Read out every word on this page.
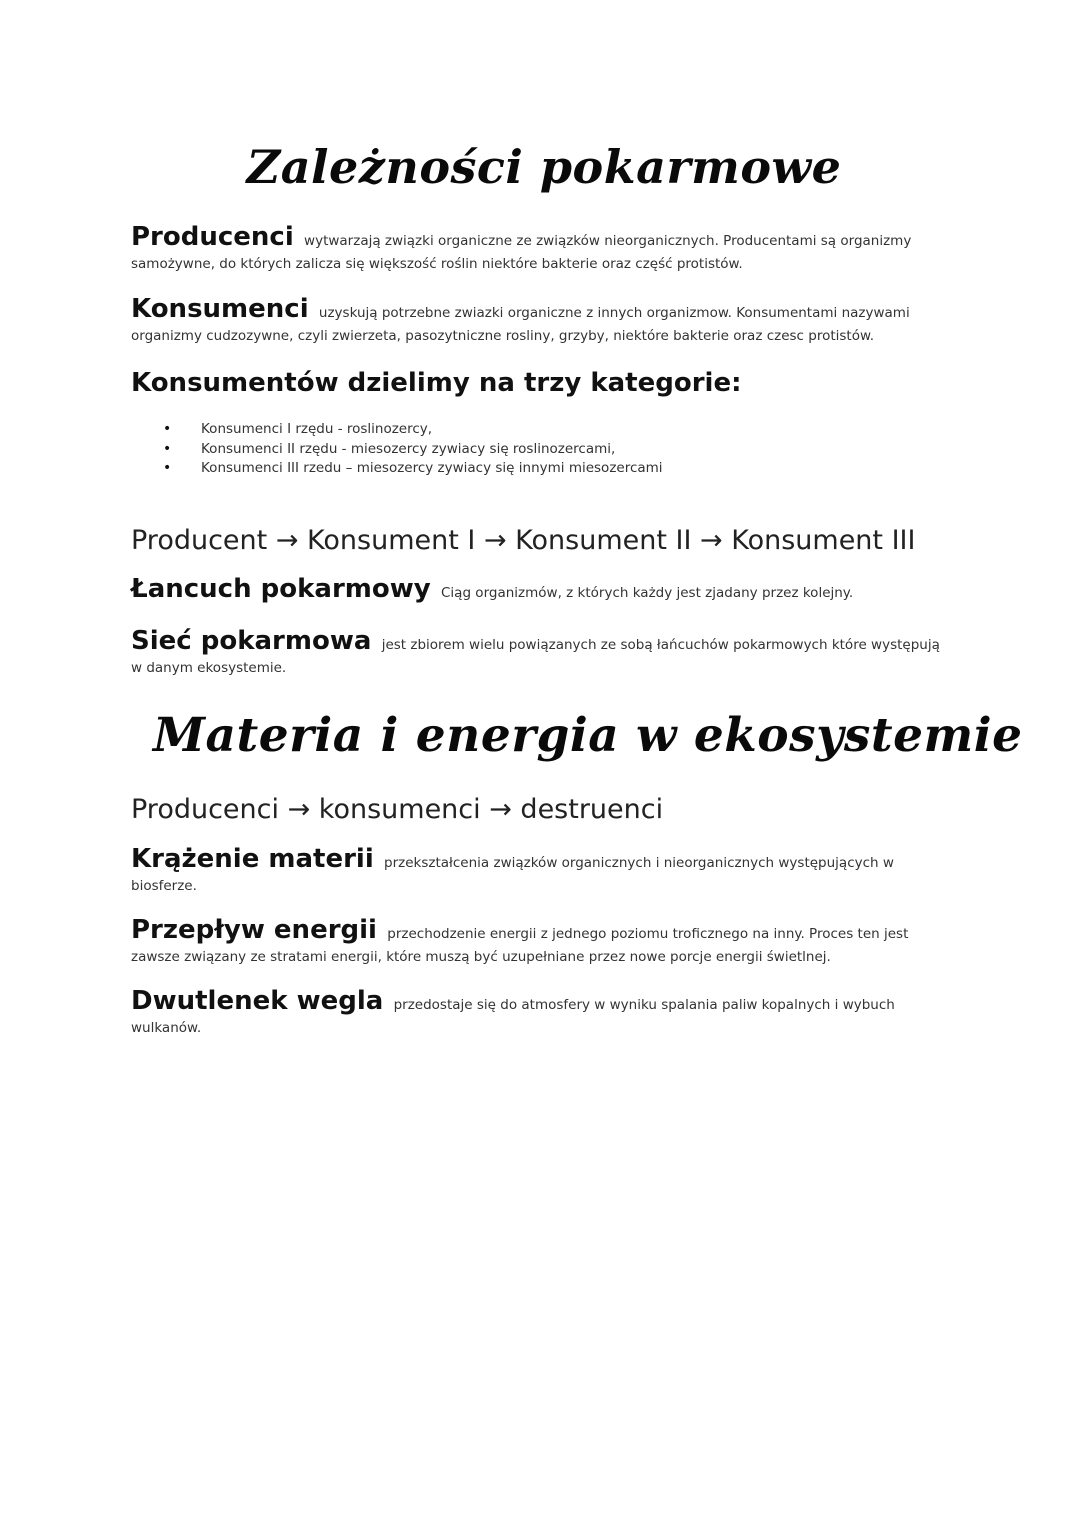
Zależności pokarmowe
Producenci wytwarzają związki organiczne ze związków nieorganicznych. Producentami są organizmy samożywne, do których zalicza się większość roślin niektóre bakterie oraz część protistów.
Konsumenci uzyskują potrzebne zwiazki organiczne z innych organizmow. Konsumentami nazywami organizmy cudzozywne, czyli zwierzeta, pasozytniczne rosliny, grzyby, niektóre bakterie oraz czesc protistów.
Konsumentów dzielimy na trzy kategorie:
• Konsumenci I rzędu - roslinozercy,
• Konsumenci II rzędu - miesozercy zywiacy się roslinozercami,
• Konsumenci III rzedu – miesozercy zywiacy się innymi miesozercami
Producent → Konsument I → Konsument II → Konsument III
Łancuch pokarmowy Ciąg organizmów, z których każdy jest zjadany przez kolejny.
Sieć pokarmowa jest zbiorem wielu powiązanych ze sobą łańcuchów pokarmowych które występują w danym ekosystemie.
Materia i energia w ekosystemie
Producenci → konsumenci → destruenci
Krążenie materii przekształcenia związków organicznych i nieorganicznych występujących w biosferze.
Przepływ energii przechodzenie energii z jednego poziomu troficznego na inny. Proces ten jest zawsze związany ze stratami energii, które muszą być uzupełniane przez nowe porcje energii świetlnej.
Dwutlenek wegla przedostaje się do atmosfery w wyniku spalania paliw kopalnych i wybuch wulkanów.
